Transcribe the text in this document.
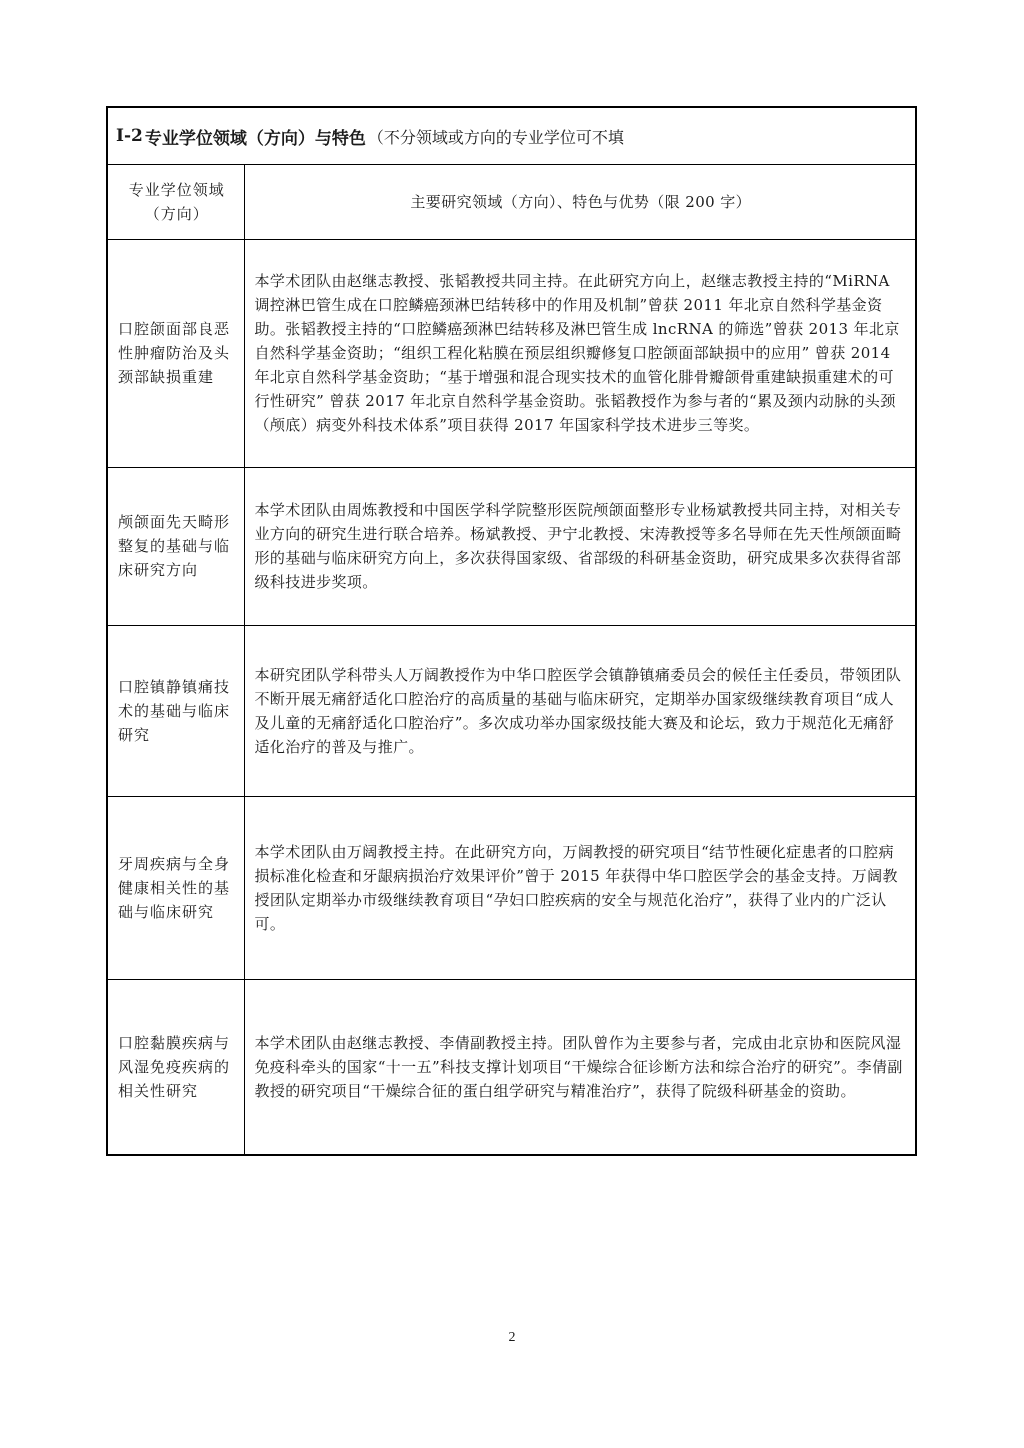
I-2 专业学位领域（方向）与特色 （不分领域或方向的专业学位可不填
专业学位领域（方向）	主要研究领域（方向）、特色与优势（限 200 字）
口腔颌面部良恶性肿瘤防治及头颈部缺损重建	本学术团队由赵继志教授、张韬教授共同主持。在此研究方向上，赵继志教授主持的“MiRNA 调控淋巴管生成在口腔鳞癌颈淋巴结转移中的作用及机制”曾获 2011 年北京自然科学基金资助。张韬教授主持的“口腔鳞癌颈淋巴结转移及淋巴管生成 lncRNA 的筛选”曾获 2013 年北京自然科学基金资助；“组织工程化粘膜在预层组织瓣修复口腔颌面部缺损中的应用” 曾获 2014 年北京自然科学基金资助；“基于增强和混合现实技术的血管化腓骨瓣颌骨重建缺损重建术的可行性研究” 曾获 2017 年北京自然科学基金资助。张韬教授作为参与者的“累及颈内动脉的头颈（颅底）病变外科技术体系”项目获得 2017 年国家科学技术进步三等奖。
颅颌面先天畸形整复的基础与临床研究方向	本学术团队由周炼教授和中国医学科学院整形医院颅颌面整形专业杨斌教授共同主持，对相关专业方向的研究生进行联合培养。杨斌教授、尹宁北教授、宋涛教授等多名导师在先天性颅颌面畸形的基础与临床研究方向上，多次获得国家级、省部级的科研基金资助，研究成果多次获得省部级科技进步奖项。
口腔镇静镇痛技术的基础与临床研究	本研究团队学科带头人万阔教授作为中华口腔医学会镇静镇痛委员会的候任主任委员，带领团队不断开展无痛舒适化口腔治疗的高质量的基础与临床研究，定期举办国家级继续教育项目“成人及儿童的无痛舒适化口腔治疗”。多次成功举办国家级技能大赛及和论坛，致力于规范化无痛舒适化治疗的普及与推广。
牙周疾病与全身健康相关性的基础与临床研究	本学术团队由万阔教授主持。在此研究方向，万阔教授的研究项目“结节性硬化症患者的口腔病损标准化检查和牙龈病损治疗效果评价”曾于 2015 年获得中华口腔医学会的基金支持。万阔教授团队定期举办市级继续教育项目“孕妇口腔疾病的安全与规范化治疗”，获得了业内的广泛认可。
口腔黏膜疾病与风湿免疫疾病的相关性研究	本学术团队由赵继志教授、李倩副教授主持。团队曾作为主要参与者，完成由北京协和医院风湿免疫科牵头的国家“十一五”科技支撑计划项目“干燥综合征诊断方法和综合治疗的研究”。李倩副教授的研究项目“干燥综合征的蛋白组学研究与精准治疗”，获得了院级科研基金的资助。
2
